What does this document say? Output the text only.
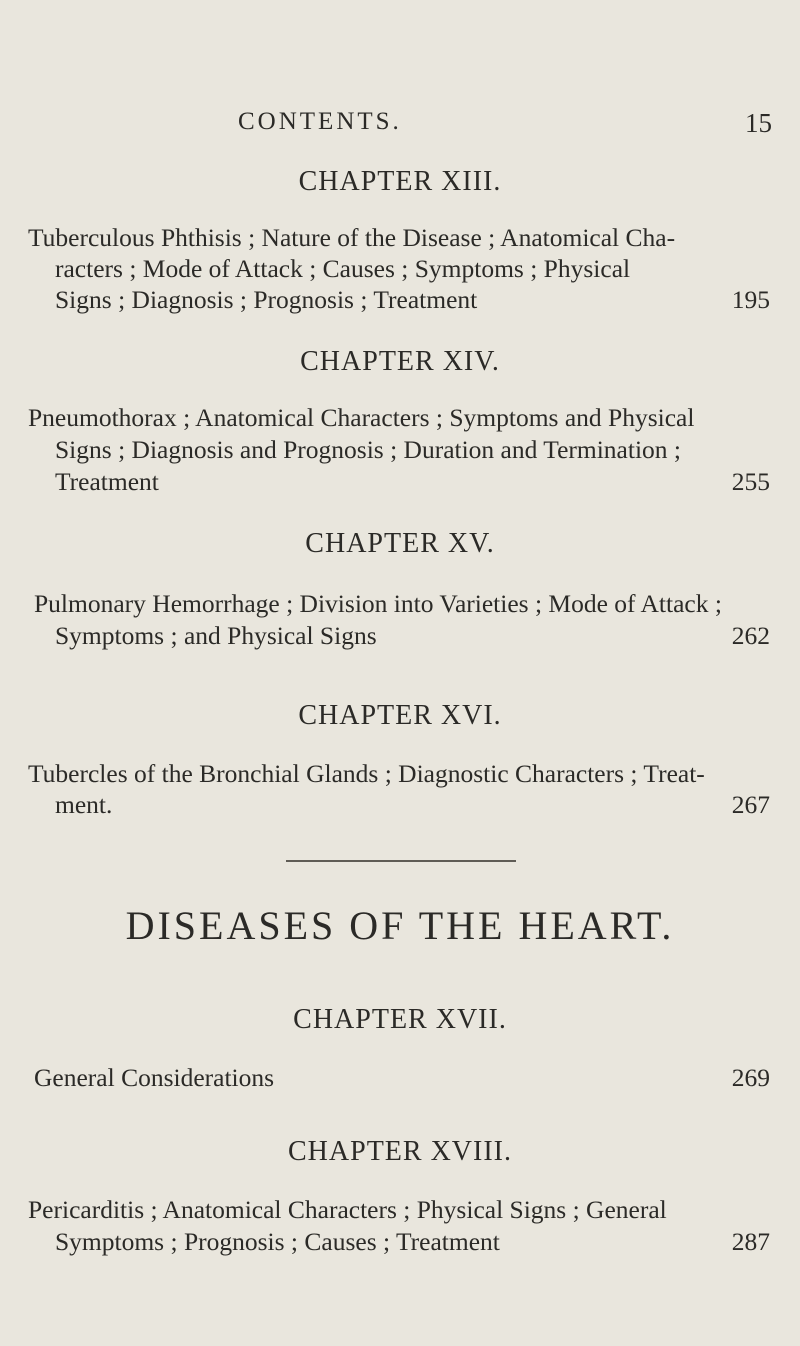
CONTENTS.	15
CHAPTER XIII.
Tuberculous Phthisis ; Nature of the Disease ; Anatomical Cha-
racters ; Mode of Attack ; Causes ; Symptoms ; Physical
Signs ; Diagnosis ; Prognosis ; Treatment	195
CHAPTER XIV.
Pneumothorax ; Anatomical Characters ; Symptoms and Physical
Signs ; Diagnosis and Prognosis ; Duration and Termination ;
Treatment	255
CHAPTER XV.
Pulmonary Hemorrhage ; Division into Varieties ; Mode of Attack ;
Symptoms ; and Physical Signs	262
CHAPTER XVI.
Tubercles of the Bronchial Glands ; Diagnostic Characters ; Treat-
ment.	267
DISEASES OF THE HEART.
CHAPTER XVII.
General Considerations	269
CHAPTER XVIII.
Pericarditis ; Anatomical Characters ; Physical Signs ; General
Symptoms ; Prognosis ; Causes ; Treatment	287
